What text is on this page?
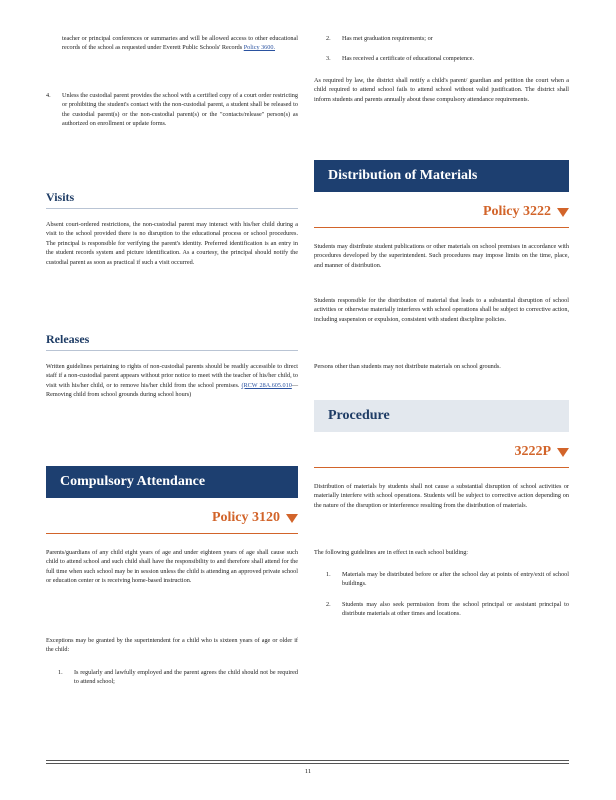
teacher or principal conferences or summaries and will be allowed access to other educational records of the school as requested under Everett Public Schools' Records Policy 3600.

4. Unless the custodial parent provides the school with a certified copy of a court order restricting or prohibiting the student's contact with the non-custodial parent, a student shall be released to the custodial parent(s) or the non-custodial parent(s) or the "contacts/release" person(s) as authorized on enrollment or update forms.

Visits

Absent court-ordered restrictions, the non-custodial parent may interact with his/her child during a visit to the school provided there is no disruption to the educational process or school procedures. The principal is responsible for verifying the parent's identity. Preferred identification is an entry in the student records system and picture identification. As a courtesy, the principal should notify the custodial parent as soon as practical if such a visit occurred.

Releases

Written guidelines pertaining to rights of non-custodial parents should be readily accessible to direct staff if a non-custodial parent appears without prior notice to meet with the teacher of his/her child, to visit with his/her child, or to remove his/her child from the school premises. (RCW 28A.605.010—Removing child from school grounds during school hours)

Compulsory Attendance
Policy 3120

Parents/guardians of any child eight years of age and under eighteen years of age shall cause such child to attend school and such child shall have the responsibility to and therefore shall attend for the full time when such school may be in session unless the child is attending an approved private school or education center or is receiving home-based instruction.

Exceptions may be granted by the superintendent for a child who is sixteen years of age or older if the child:

1. Is regularly and lawfully employed and the parent agrees the child should not be required to attend school;

2. Has met graduation requirements; or

3. Has received a certificate of educational competence.

As required by law, the district shall notify a child's parent/ guardian and petition the court when a child required to attend school fails to attend school without valid justification. The district shall inform students and parents annually about these compulsory attendance requirements.

Distribution of Materials
Policy 3222

Students may distribute student publications or other materials on school premises in accordance with procedures developed by the superintendent. Such procedures may impose limits on the time, place, and manner of distribution.

Students responsible for the distribution of material that leads to a substantial disruption of school activities or otherwise materially interferes with school operations shall be subject to corrective action, including suspension or expulsion, consistent with student discipline policies.

Persons other than students may not distribute materials on school grounds.

Procedure
3222P

Distribution of materials by students shall not cause a substantial disruption of school activities or materially interfere with school operations. Students will be subject to corrective action depending on the nature of the disruption or interference resulting from the distribution of materials.

The following guidelines are in effect in each school building:

1. Materials may be distributed before or after the school day at points of entry/exit of school buildings.

2. Students may also seek permission from the school principal or assistant principal to distribute materials at other times and locations.

11
